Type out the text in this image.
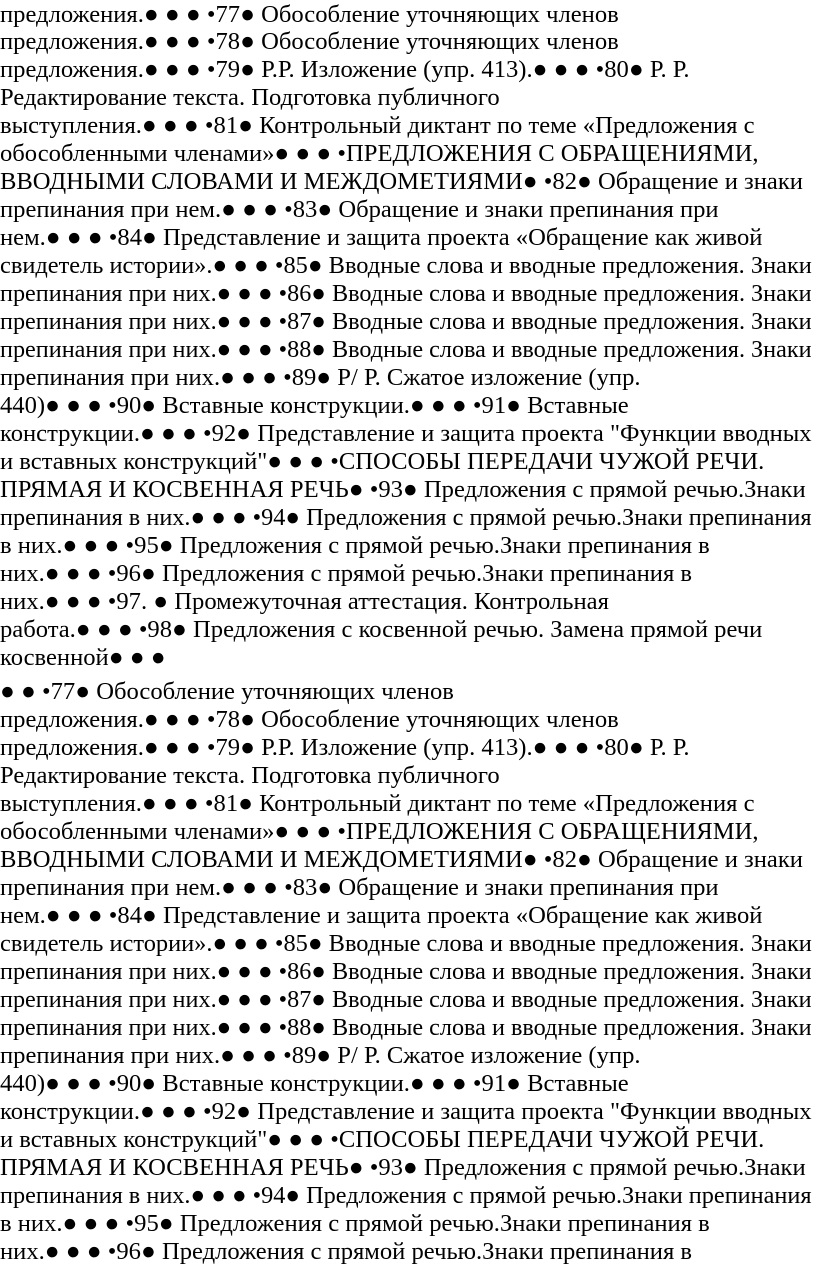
предложения.● ● ● •77● Обособление уточняющих членов
предложения.● ● ● •78● Обособление уточняющих членов
предложения.● ● ● •79● Р.Р. Изложение (упр. 413).● ● ● •80● Р. Р.
Редактирование текста. Подготовка публичного
выступления.● ● ● •81● Контрольный диктант по теме «Предложения с
обособленными членами»● ● ● •ПРЕДЛОЖЕНИЯ С ОБРАЩЕНИЯМИ,
ВВОДНЫМИ СЛОВАМИ И МЕЖДОМЕТИЯМИ● •82● Обращение и знаки
препинания при нем.● ● ● •83● Обращение и знаки препинания при
нем.● ● ● •84● Представление и защита проекта «Обращение как живой
свидетель истории».● ● ● •85● Вводные слова и вводные предложения. Знаки
препинания при них.● ● ● •86● Вводные слова и вводные предложения. Знаки
препинания при них.● ● ● •87● Вводные слова и вводные предложения. Знаки
препинания при них.● ● ● •88● Вводные слова и вводные предложения. Знаки
препинания при них.● ● ● •89● Р/ Р. Сжатое изложение (упр.
440)● ● ● •90● Вставные конструкции.● ● ● •91● Вставные
конструкции.● ● ● •92● Представление и защита проекта "Функции вводных
и вставных конструкций"● ● ● •СПОСОБЫ ПЕРЕДАЧИ ЧУЖОЙ РЕЧИ.
ПРЯМАЯ И КОСВЕННАЯ РЕЧЬ● •93● Предложения с прямой речью.Знаки
препинания в них.● ● ● •94● Предложения с прямой речью.Знаки препинания
в них.● ● ● •95● Предложения с прямой речью.Знаки препинания в
них.● ● ● •96● Предложения с прямой речью.Знаки препинания в
них.● ● ● •97. ● Промежуточная аттестация. Контрольная
работа.● ● ● •98● Предложения с косвенной речью. Замена прямой речи
косвенной● ● ●
● ● •77● Обособление уточняющих членов
предложения.● ● ● •78● Обособление уточняющих членов
предложения.● ● ● •79● Р.Р. Изложение (упр. 413).● ● ● •80● Р. Р.
Редактирование текста. Подготовка публичного
выступления.● ● ● •81● Контрольный диктант по теме «Предложения с
обособленными членами»● ● ● •ПРЕДЛОЖЕНИЯ С ОБРАЩЕНИЯМИ,
ВВОДНЫМИ СЛОВАМИ И МЕЖДОМЕТИЯМИ● •82● Обращение и знаки
препинания при нем.● ● ● •83● Обращение и знаки препинания при
нем.● ● ● •84● Представление и защита проекта «Обращение как живой
свидетель истории».● ● ● •85● Вводные слова и вводные предложения. Знаки
препинания при них.● ● ● •86● Вводные слова и вводные предложения. Знаки
препинания при них.● ● ● •87● Вводные слова и вводные предложения. Знаки
препинания при них.● ● ● •88● Вводные слова и вводные предложения. Знаки
препинания при них.● ● ● •89● Р/ Р. Сжатое изложение (упр.
440)● ● ● •90● Вставные конструкции.● ● ● •91● Вставные
конструкции.● ● ● •92● Представление и защита проекта "Функции вводных
и вставных конструкций"● ● ● •СПОСОБЫ ПЕРЕДАЧИ ЧУЖОЙ РЕЧИ.
ПРЯМАЯ И КОСВЕННАЯ РЕЧЬ● •93● Предложения с прямой речью.Знаки
препинания в них.● ● ● •94● Предложения с прямой речью.Знаки препинания
в них.● ● ● •95● Предложения с прямой речью.Знаки препинания в
них.● ● ● •96● Предложения с прямой речью.Знаки препинания в
